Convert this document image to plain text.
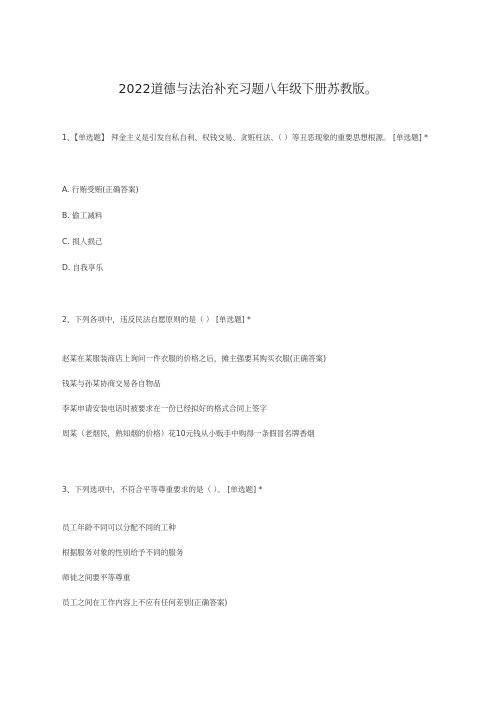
2022道德与法治补充习题八年级下册苏教版。
1、【单选题】 拜金主义是引发自私自利、权钱交易、贪赃枉法、（ ）等丑恶现象的重要思想根源。 [单选题] *
A. 行贿受贿(正确答案)
B. 偷工减料
C. 损人损己
D. 自我享乐
2、下列各项中，违反民法自愿原则的是（ ） [单选题] *
赵某在某服装商店上询问一件衣服的价格之后，摊主强要其购买衣服(正确答案)
钱某与孙某协商交易各自物品
李某申请安装电话时被要求在一份已经拟好的格式合同上签字
周某（老烟民，熟知烟的价格）花10元钱从小贩手中购得一条假冒名牌香烟
3、下列选项中，不符合平等尊重要求的是（ ）。 [单选题] *
员工年龄不同可以分配不同的工种
根据服务对象的性别给予不同的服务
师徒之间要平等尊重
员工之间在工作内容上不应有任何差别(正确答案)
